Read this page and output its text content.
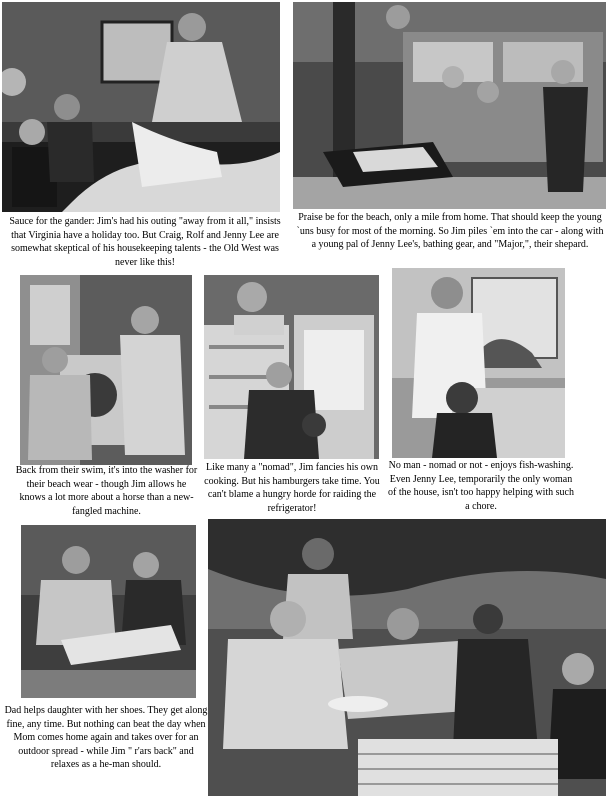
Sauce for the gander: Jim's had his outing "away from it all," insists that Virginia have a holiday too. But Craig, Rolf and Jenny Lee are somewhat skeptical of his housekeeping talents - the Old West was never like this!

Praise be for the beach, only a mile from home. That should keep the young `uns busy for most of the morning. So Jim piles `em into the car - along with a young pal of Jenny Lee's, bathing gear, and "Major,", their shepard.

Back from their swim, it's into the washer for their beach wear - though Jim allows he knows a lot more about a horse than a new-fangled machine.

Like many a "nomad", Jim fancies his own cooking. But his hamburgers take time. You can't blame a hungry horde for raiding the refrigerator!

No man - nomad or not - enjoys fish-washing. Even Jenny Lee, temporarily the only woman of the house, isn't too happy helping with such a chore.

Dad helps daughter with her shoes. They get along fine, any time. But nothing can beat the day when Mom comes home again and takes over for an outdoor spread - while Jim " r'ars back" and relaxes as a he-man should.
